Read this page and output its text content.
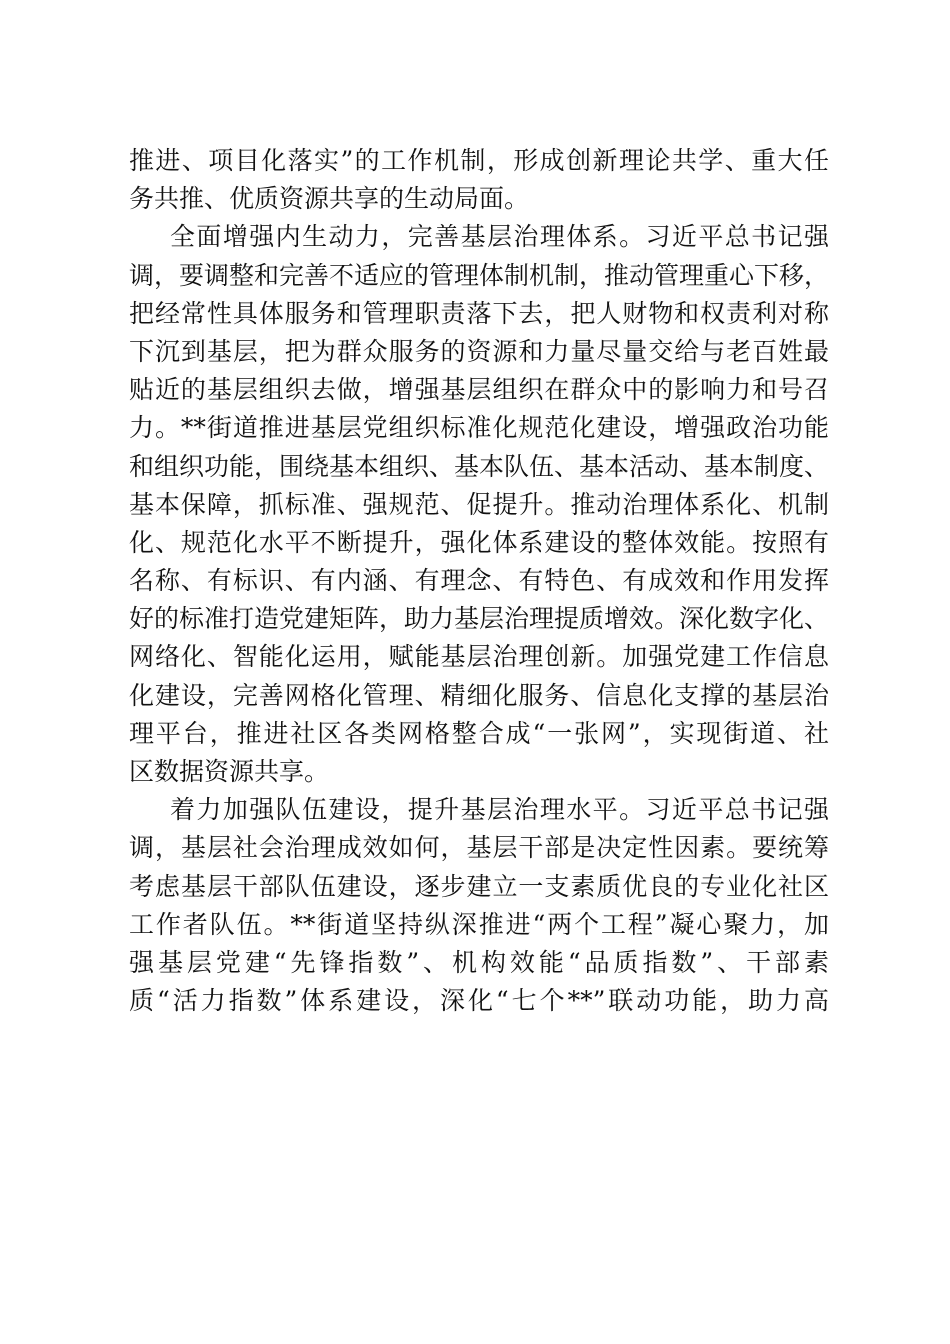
推进、项目化落实”的工作机制，形成创新理论共学、重大任
务共推、优质资源共享的生动局面。
全面增强内生动力，完善基层治理体系。习近平总书记强
调，要调整和完善不适应的管理体制机制，推动管理重心下移，
把经常性具体服务和管理职责落下去，把人财物和权责利对称
下沉到基层，把为群众服务的资源和力量尽量交给与老百姓最
贴近的基层组织去做，增强基层组织在群众中的影响力和号召
力。**街道推进基层党组织标准化规范化建设，增强政治功能
和组织功能，围绕基本组织、基本队伍、基本活动、基本制度、
基本保障，抓标准、强规范、促提升。推动治理体系化、机制
化、规范化水平不断提升，强化体系建设的整体效能。按照有
名称、有标识、有内涵、有理念、有特色、有成效和作用发挥
好的标准打造党建矩阵，助力基层治理提质增效。深化数字化、
网络化、智能化运用，赋能基层治理创新。加强党建工作信息
化建设，完善网格化管理、精细化服务、信息化支撑的基层治
理平台，推进社区各类网格整合成“一张网”，实现街道、社
区数据资源共享。
着力加强队伍建设，提升基层治理水平。习近平总书记强
调，基层社会治理成效如何，基层干部是决定性因素。要统筹
考虑基层干部队伍建设，逐步建立一支素质优良的专业化社区
工作者队伍。**街道坚持纵深推进“两个工程”凝心聚力，加
强基层党建“先锋指数”、机构效能“品质指数”、干部素
质“活力指数”体系建设，深化“七个**”联动功能，助力高
